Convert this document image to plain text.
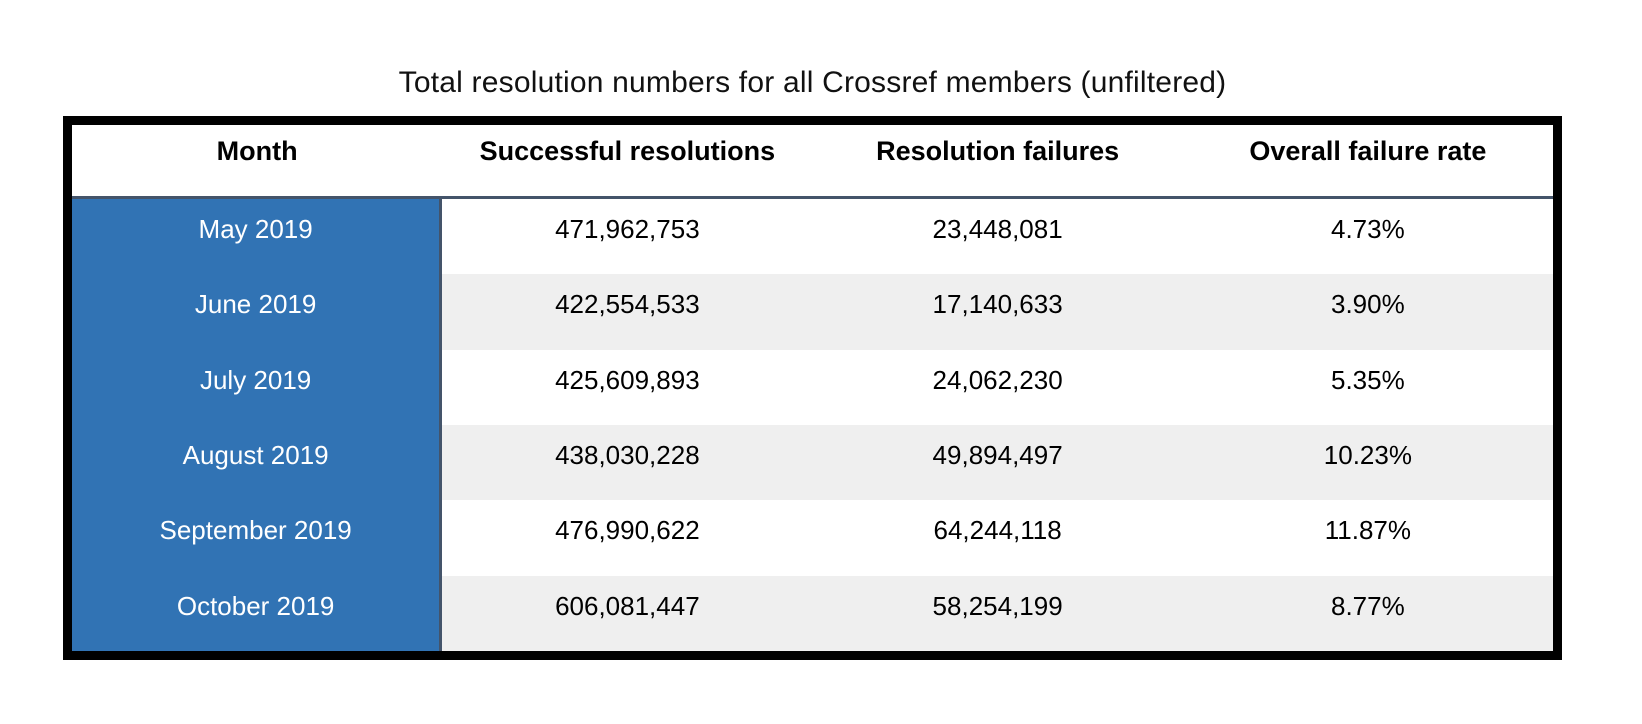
Total resolution numbers for all Crossref members (unfiltered)
Month	Successful resolutions	Resolution failures	Overall failure rate
May 2019	471,962,753	23,448,081	4.73%
June 2019	422,554,533	17,140,633	3.90%
July 2019	425,609,893	24,062,230	5.35%
August 2019	438,030,228	49,894,497	10.23%
September 2019	476,990,622	64,244,118	11.87%
October 2019	606,081,447	58,254,199	8.77%
